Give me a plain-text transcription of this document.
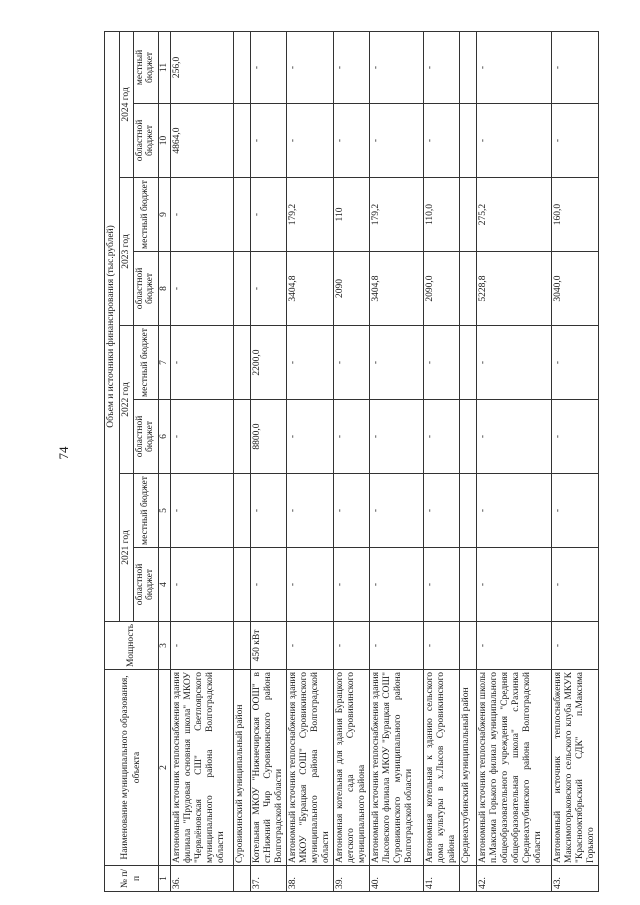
74
№ п/п	Наименование муниципального образования, объекта	Мощность	Объем и источники финансирования (тыс.рублей)							
			2021 год		2022 год		2023 год		2024 год	
			областной бюджет	местный бюджет	областной бюджет	местный бюджет	областной бюджет	местный бюджет	областной бюджет	местный бюджет
1	2	3	4	5	6	7	8	9	10	11
36.	Автономный источник теплоснабжения здания филиала "Прудовая основная школа" МКОУ "Червлёновская СШ" Светлоярского муниципального района Волгоградской области	-	-	-	-	-	-	-	4864,0	256,0
	Суровикинский муниципальный район									
37.	Котельная МКОУ "Нижнечирская ООШ" в ст.Нижний Чир Суровикинского района Волгоградской области	450 кВт	-	-	8800,0	2200,0	-	-	-	-
38.	Автономный источник теплоснабжения здания МКОУ "Бурацкая СОШ" Суровикинского муниципального района Волгоградской области	-	-	-	-	-	3404,8	179,2	-	-
39.	Автономная котельная для здания Бурацкого детского сада Суровикинского муниципального района	-	-	-	-	-	2090	110	-	-
40.	Автономный источник теплоснабжения здания Лысовского филиала МКОУ "Бурацкая СОШ" Суровикинского муниципального района Волгоградской области	-	-	-	-	-	3404,8	179,2	-	-
41.	Автономная котельная к зданию сельского дома культуры в х.Лысов Суровикинского района	-	-	-	-	-	2090,0	110,0	-	-
	Среднеахтубинский муниципальный район									
42.	Автономный источник теплоснабжения школы п.Максима Горького филиал муниципального общеобразовательного учреждения "Средняя общеобразовательная школа" с.Рахинка Среднеахтубинского района Волгоградской области	-	-	-	-	-	5228,8	275,2	-	-
43.	Автономный источник теплоснабжения Максимогорьковского сельского клуба МКУК "Краснооктябрьский СДК" п.Максима Горького	-	-	-	-	-	3040,0	160,0	-	-
